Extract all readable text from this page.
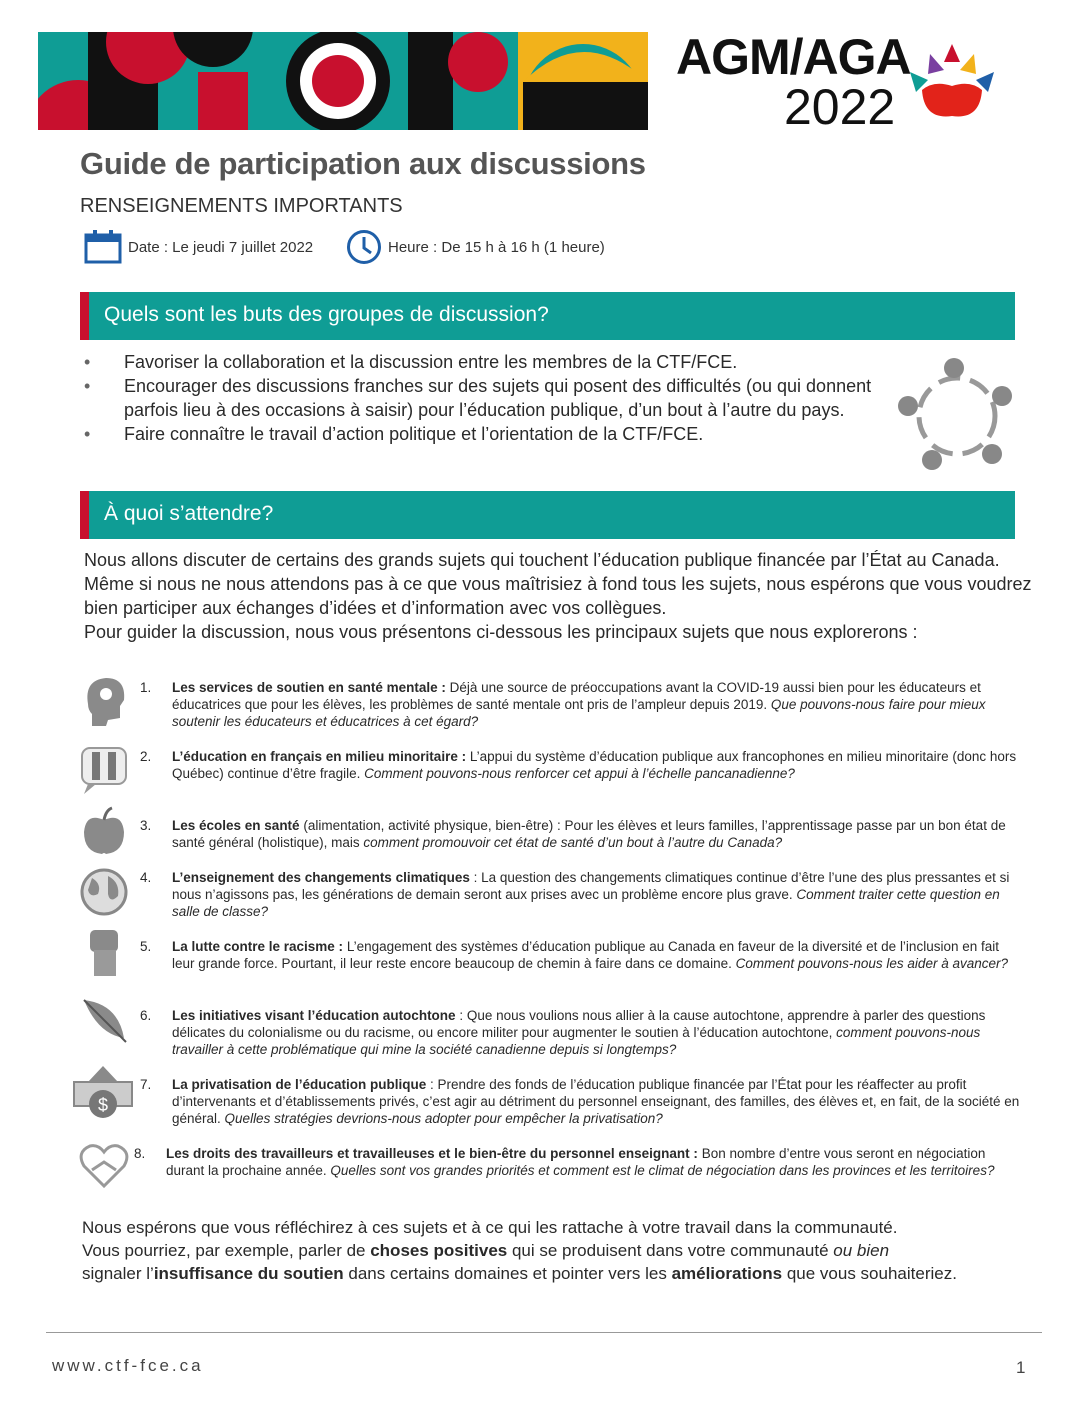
AGM/AGA
2022
Guide de participation aux discussions
RENSEIGNEMENTS IMPORTANTS
Date : Le jeudi 7 juillet 2022	Heure : De 15 h à 16 h (1 heure)
Quels sont les buts des groupes de discussion?
• Favoriser la collaboration et la discussion entre les membres de la CTF/FCE.
• Encourager des discussions franches sur des sujets qui posent des difficultés (ou qui donnent parfois lieu à des occasions à saisir) pour l’éducation publique, d’un bout à l’autre du pays.
• Faire connaître le travail d’action politique et l’orientation de la CTF/FCE.
À quoi s’attendre?
Nous allons discuter de certains des grands sujets qui touchent l’éducation publique financée par l’État au Canada. Même si nous ne nous attendons pas à ce que vous maîtrisiez à fond tous les sujets, nous espérons que vous voudrez bien participer aux échanges d’idées et d’information avec vos collègues.
Pour guider la discussion, nous vous présentons ci-dessous les principaux sujets que nous explorerons :
1. Les services de soutien en santé mentale : Déjà une source de préoccupations avant la COVID-19 aussi bien pour les éducateurs et éducatrices que pour les élèves, les problèmes de santé mentale ont pris de l’ampleur depuis 2019. Que pouvons-nous faire pour mieux soutenir les éducateurs et éducatrices à cet égard?
2. L’éducation en français en milieu minoritaire : L’appui du système d’éducation publique aux francophones en milieu minoritaire (donc hors Québec) continue d’être fragile. Comment pouvons-nous renforcer cet appui à l’échelle pancanadienne?
3. Les écoles en santé (alimentation, activité physique, bien-être) : Pour les élèves et leurs familles, l’apprentissage passe par un bon état de santé général (holistique), mais comment promouvoir cet état de santé d’un bout à l’autre du Canada?
4. L’enseignement des changements climatiques : La question des changements climatiques continue d’être l’une des plus pressantes et si nous n’agissons pas, les générations de demain seront aux prises avec un problème encore plus grave. Comment traiter cette question en salle de classe?
5. La lutte contre le racisme : L’engagement des systèmes d’éducation publique au Canada en faveur de la diversité et de l’inclusion en fait leur grande force. Pourtant, il leur reste encore beaucoup de chemin à faire dans ce domaine. Comment pouvons-nous les aider à avancer?
6. Les initiatives visant l’éducation autochtone : Que nous voulions nous allier à la cause autochtone, apprendre à parler des questions délicates du colonialisme ou du racisme, ou encore militer pour augmenter le soutien à l’éducation autochtone, comment pouvons-nous travailler à cette problématique qui mine la société canadienne depuis si longtemps?
$
7. La privatisation de l’éducation publique : Prendre des fonds de l’éducation publique financée par l’État pour les réaffecter au profit d’intervenants et d’établissements privés, c’est agir au détriment du personnel enseignant, des familles, des élèves et, en fait, de la société en général. Quelles stratégies devrions-nous adopter pour empêcher la privatisation?
8. Les droits des travailleurs et travailleuses et le bien-être du personnel enseignant : Bon nombre d’entre vous seront en négociation durant la prochaine année. Quelles sont vos grandes priorités et comment est le climat de négociation dans les provinces et les territoires?
Nous espérons que vous réfléchirez à ces sujets et à ce qui les rattache à votre travail dans la communauté.
Vous pourriez, par exemple, parler de choses positives qui se produisent dans votre communauté ou bien
signaler l’insuffisance du soutien dans certains domaines et pointer vers les améliorations que vous souhaiteriez.
www.ctf-fce.ca	1
